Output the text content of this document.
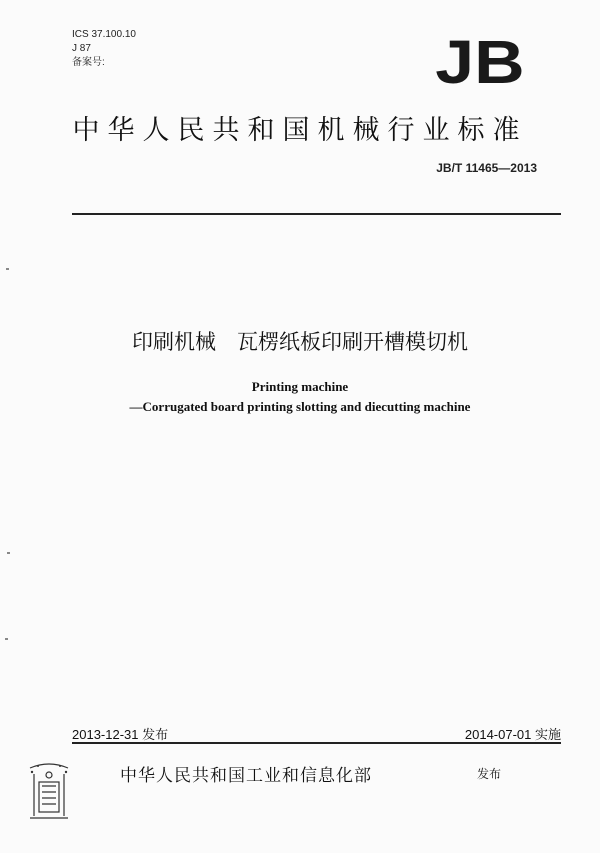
ICS 37.100.10
J 87
备案号:	JB
中华人民共和国机械行业标准
JB/T 11465—2013
印刷机械　瓦楞纸板印刷开槽模切机
Printing machine
—Corrugated board printing slotting and diecutting machine
2013-12-31 发布	2014-07-01 实施
中华人民共和国工业和信息化部	发布
